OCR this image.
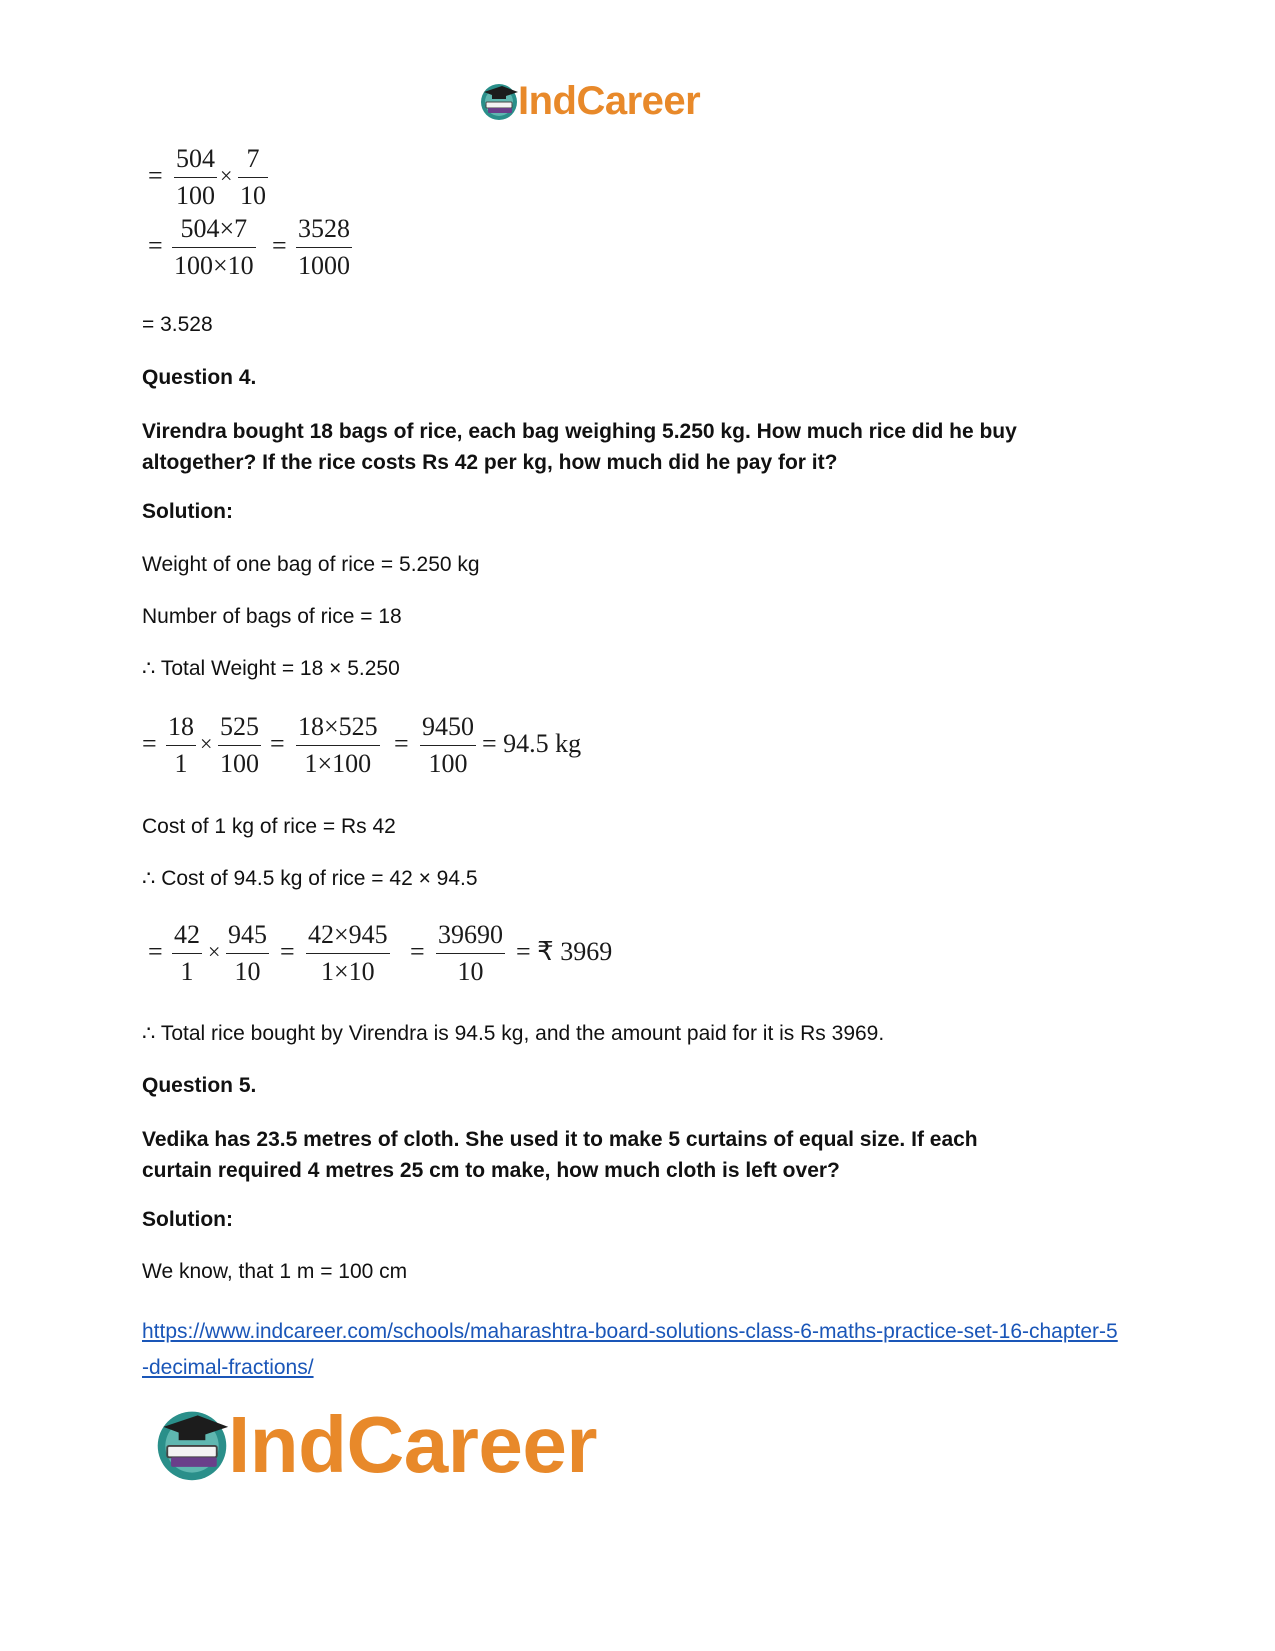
IndCareer
=
504
100
×
7
10
=
504×7
100×10
=
3528
1000
= 3.528
Question 4.
Virendra bought 18 bags of rice, each bag weighing 5.250 kg. How much rice did he buy altogether? If the rice costs Rs 42 per kg, how much did he pay for it?
Solution:
Weight of one bag of rice = 5.250 kg
Number of bags of rice = 18
∴ Total Weight = 18 × 5.250
=
18
1
×
525
100
=
18×525
1×100
=
9450
100
= 94.5 kg
Cost of 1 kg of rice = Rs 42
∴ Cost of 94.5 kg of rice = 42 × 94.5
=
42
1
×
945
10
=
42×945
1×10
=
39690
10
= ₹ 3969
∴ Total rice bought by Virendra is 94.5 kg, and the amount paid for it is Rs 3969.
Question 5.
Vedika has 23.5 metres of cloth. She used it to make 5 curtains of equal size. If each curtain required 4 metres 25 cm to make, how much cloth is left over?
Solution:
We know, that 1 m = 100 cm
https://www.indcareer.com/schools/maharashtra-board-solutions-class-6-maths-practice-set-16-chapter-5-decimal-fractions/
IndCareer
